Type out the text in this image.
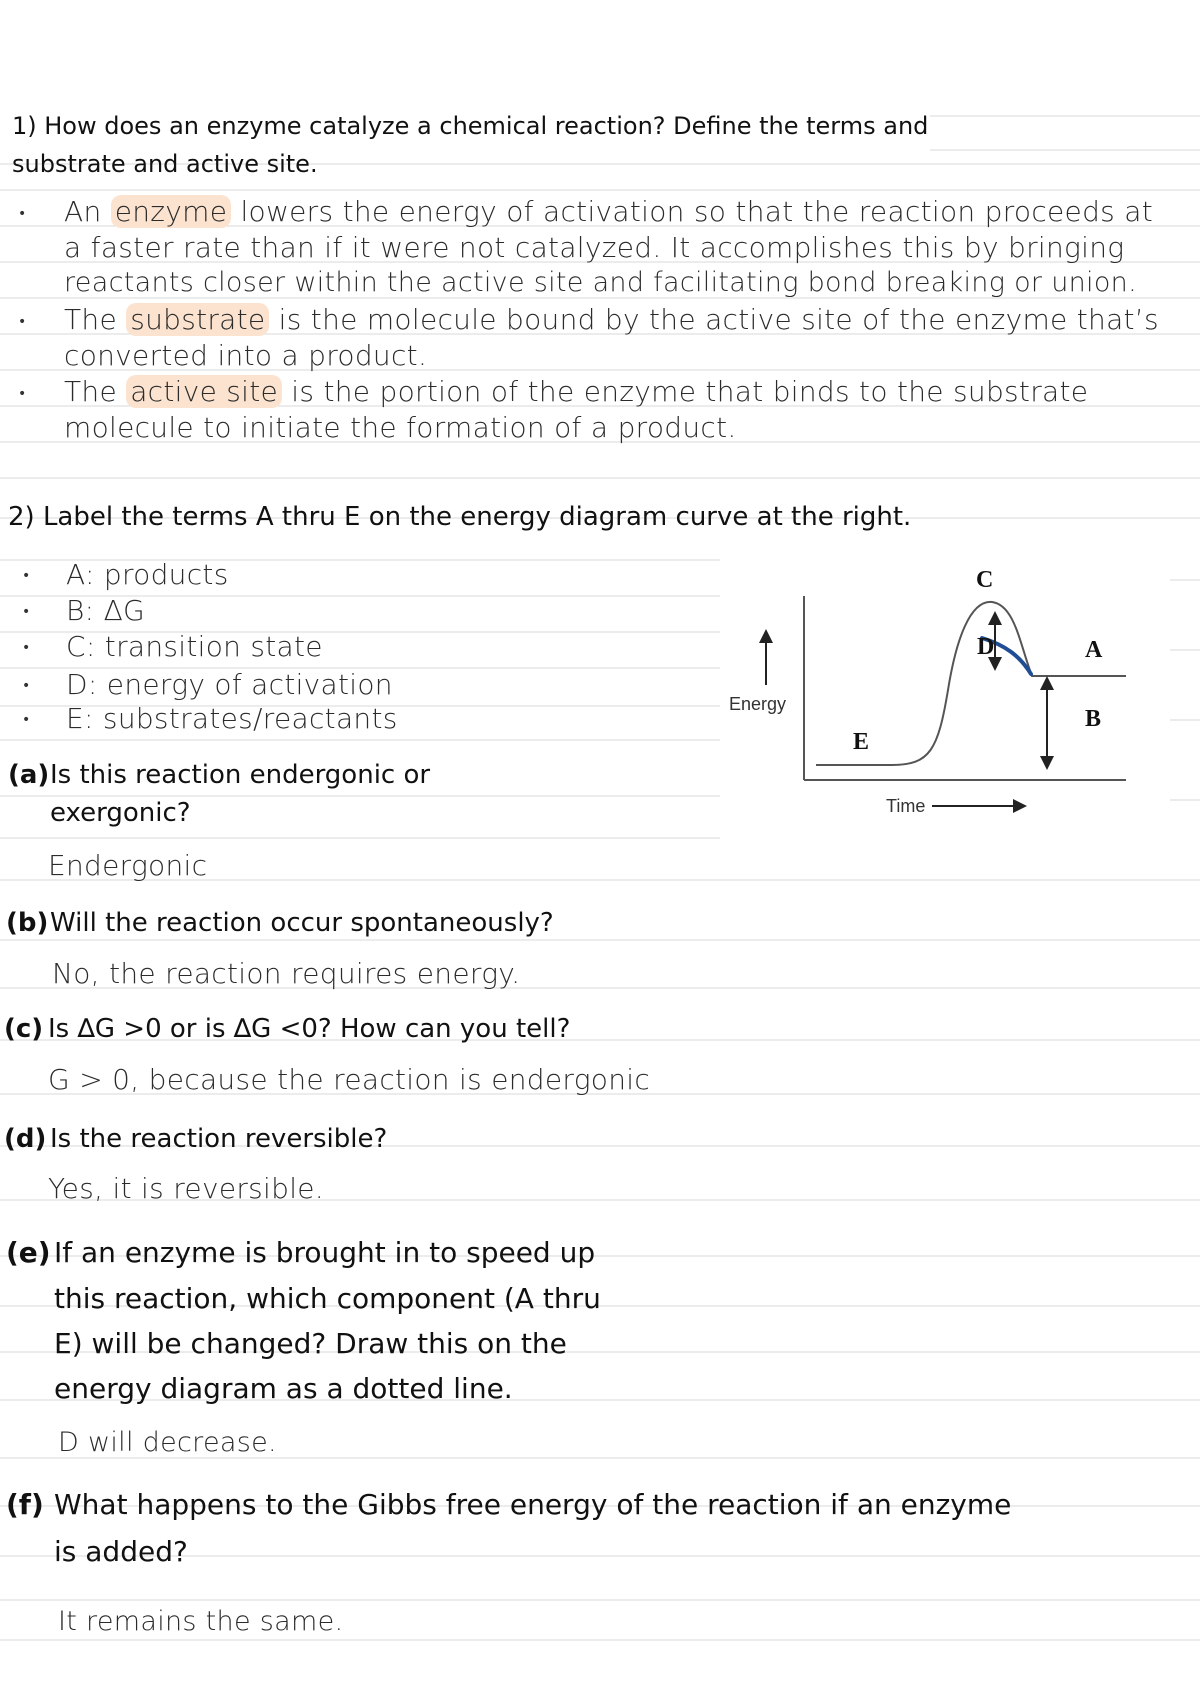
1) How does an enzyme catalyze a chemical reaction? Define the terms and
substrate and active site.
• An enzyme lowers the energy of activation so that the reaction proceeds at
a faster rate than if it were not catalyzed. It accomplishes this by bringing
reactants closer within the active site and facilitating bond breaking or union.
• The substrate is the molecule bound by the active site of the enzyme that’s
converted into a product.
• The active site is the portion of the enzyme that binds to the substrate
molecule to initiate the formation of a product.
2) Label the terms A thru E on the energy diagram curve at the right.
• A: products
• B: ΔG
• C: transition state
• D: energy of activation
• E: substrates/reactants
(a) Is this reaction endergonic or
exergonic?
Endergonic
(b) Will the reaction occur spontaneously?
No, the reaction requires energy.
(c) Is ∆G >0 or is ∆G <0? How can you tell?
G > 0, because the reaction is endergonic
(d) Is the reaction reversible?
Yes, it is reversible.
(e) If an enzyme is brought in to speed up
this reaction, which component (A thru
E) will be changed? Draw this on the
energy diagram as a dotted line.
D will decrease.
(f) What happens to the Gibbs free energy of the reaction if an enzyme
is added?
It remains the same.
Energy
Time
C
D	A
B
E
